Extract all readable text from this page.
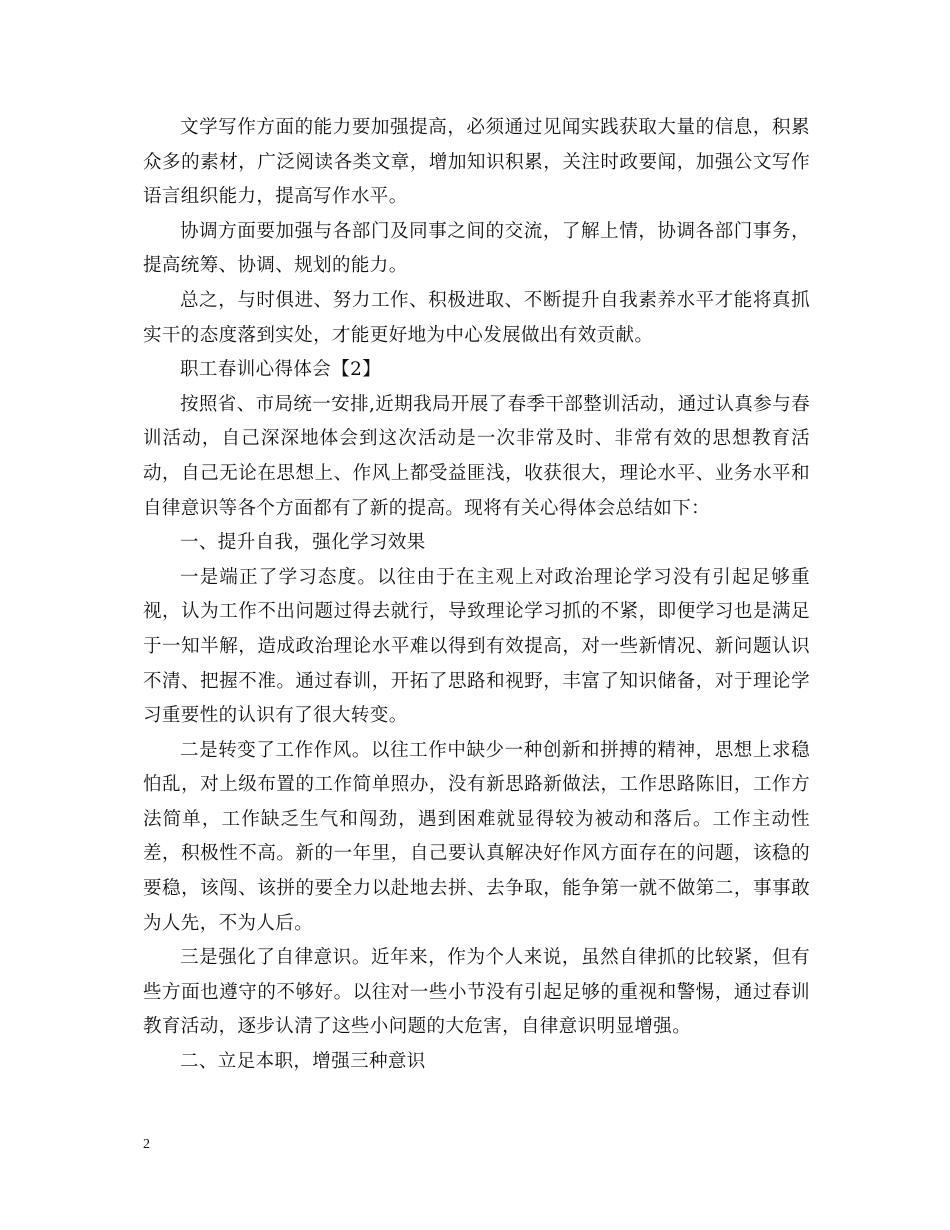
文学写作方面的能力要加强提高，必须通过见闻实践获取大量的信息，积累众多的素材，广泛阅读各类文章，增加知识积累，关注时政要闻，加强公文写作语言组织能力，提高写作水平。

协调方面要加强与各部门及同事之间的交流，了解上情，协调各部门事务，提高统筹、协调、规划的能力。

总之，与时俱进、努力工作、积极进取、不断提升自我素养水平才能将真抓实干的态度落到实处，才能更好地为中心发展做出有效贡献。

职工春训心得体会【2】

按照省、市局统一安排,近期我局开展了春季干部整训活动，通过认真参与春训活动，自己深深地体会到这次活动是一次非常及时、非常有效的思想教育活动，自己无论在思想上、作风上都受益匪浅，收获很大，理论水平、业务水平和自律意识等各个方面都有了新的提高。现将有关心得体会总结如下：

一、提升自我，强化学习效果

一是端正了学习态度。以往由于在主观上对政治理论学习没有引起足够重视，认为工作不出问题过得去就行，导致理论学习抓的不紧，即便学习也是满足于一知半解，造成政治理论水平难以得到有效提高，对一些新情况、新问题认识不清、把握不准。通过春训，开拓了思路和视野，丰富了知识储备，对于理论学习重要性的认识有了很大转变。

二是转变了工作作风。以往工作中缺少一种创新和拼搏的精神，思想上求稳怕乱，对上级布置的工作简单照办，没有新思路新做法，工作思路陈旧，工作方法简单，工作缺乏生气和闯劲，遇到困难就显得较为被动和落后。工作主动性差，积极性不高。新的一年里，自己要认真解决好作风方面存在的问题，该稳的要稳，该闯、该拼的要全力以赴地去拼、去争取，能争第一就不做第二，事事敢为人先，不为人后。

三是强化了自律意识。近年来，作为个人来说，虽然自律抓的比较紧，但有些方面也遵守的不够好。以往对一些小节没有引起足够的重视和警惕，通过春训教育活动，逐步认清了这些小问题的大危害，自律意识明显增强。

二、立足本职，增强三种意识

2
